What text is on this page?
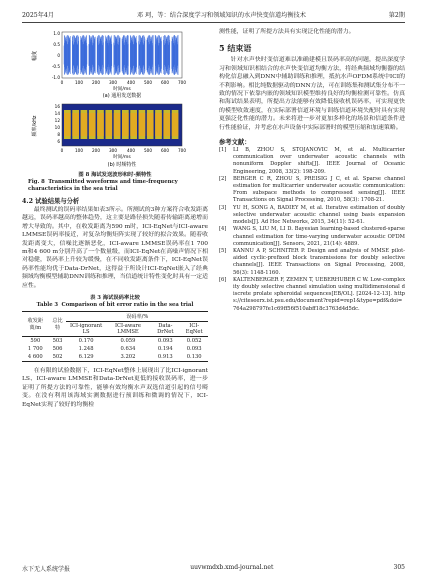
2025年4月	邓 珂，等：结合深度学习和领域知识的水声快变信道均衡技术	第2期
幅度
1.0
0.5
0
-0.5
-1.0
0	100 200 300 400 500 600 700
时间/ms
(a) 通用发送数据
频率/kHz
16
14
12
10
8
6
0	100 200 300 400 500 600 700
时间/ms
(b) 时频特性
图 8 海试发送波形和时-频特性
Fig. 8 Transmitted waveforms and time-frequency characteristics in the sea trial
4.2 试验结果与分析

最终测试的误码率结果如表3所示。所测试的3种方案符合收发距离越远，误码率越高的整体趋势，这主要是路径损失随着传输距离递增而增大导致的。其中，在收发距离为590 m时，ICI-EqNet与ICI-aware LMMSE误码率接近，对复杂均衡矩阵实现了较好的拟合效果。随着收发距离变大，信噪比逐渐恶化，ICI-aware LMMSE误码率在1 700 m和4 600 m分别升高了一个数量级，而ICI-EqNet在高噪声情况下相对稳健，误码率上升较为缓慢，在不同收发距离条件下，ICI-EqNet误码率性能均优于Data-DrNet，这得益于所设计ICI-EqNet嵌入了经典频域均衡模型辅助DNN训练和推理，当信道统计特性变化时具有一定适应性。

表 3 海试误码率比较
Table 3 Comparison of bit error ratio in the sea trial
收发距离/m	总比特	误码率/%			
		ICI-ignorant LS	ICI-aware LMMSE	Data-DrNet	ICI-EqNet
590	503	0.170	0.059	0.093	0.052
1 700	506	1.248	0.634	0.194	0.093
4 600	502	6.129	3.202	0.913	0.130

在有限的试验数据下，ICI-EqNet整体上展现出了比ICI-ignorant LS、ICI-aware LMMSE和Data-DrNet更低的接收误码率，进一步证明了所提方法的可靠性，能够有效均衡水声双选信道引起的信号畸变。在没有利用该海域实测数据进行预训练和微调的情况下，ICI-EqNet实现了较好的均衡检

测性能，证明了所提方法具有实现泛化性能的潜力。

5 结束语

针对水声快时变信道难以准确建模且误码率高的问题，提出深度学习和领域知识相结合的水声快变信道均衡方法，将经典频域均衡器的结构化信息融入到DNN中辅助训练和推理，抵抗水声OFDM系统中ICI的不利影响。相比纯数据驱动的DNN方法，可在训练集和测试集分布不一致的情况下依靠内嵌的领域知识模型维持良好的均衡检测可靠性。仿真和海试结果表明，所提出方法能够有效降低接收机误码率，可实现更快的模型收敛速度，在实际部署信道环境与训练信道环境失配时具有实现更强泛化性能的潜力。未来将进一步对更加多样化的场景和信道条件进行性能验证，并考虑在水声设备中实际部署时的模型压缩和加速策略。

参考文献：
[1]	LI B, ZHOU S, STOJANOVIC M, et al. Multicarrier communication over underwater acoustic channels with nonuniform Doppler shifts[J]. IEEE Journal of Oceanic Engineering, 2008, 33(2): 198-209.
[2]	BERGER C R, ZHOU S, PREISIG J C, et al. Sparse channel estimation for multicarrier underwater acoustic communication: From subspace methods to compressed sensing[J]. IEEE Transactions on Signal Processing, 2010, 58(3): 1708-21.
[3]	YU H, SONG A, BADIEY M, et al. Iterative estimation of doubly selective underwater acoustic channel using basis expansion models[J]. Ad Hoc Networks, 2015, 34(11): 52-61.
[4]	WANG S, LIU M, LI D. Bayesian learning-based clustered-sparse channel estimation for time-varying underwater acoustic OFDM communication[J]. Sensors, 2021, 21(14): 4889.
[5]	KANNU A P, SCHNITER P. Design and analysis of MMSE pilot-aided cyclic-prefixed block transmissions for doubly selective channels[J]. IEEE Transactions on Signal Processing, 2008, 56(3): 1148-1160.
[6]	KALTENBERGER F, ZEMEN T, UEBERHUBER C W. Low-complexity doubly selective channel simulation using multidimensional discrete prolate spheroidal sequences[EB/OL]. [2024-12-13]. https://citeseerx.ist.psu.edu/document?repid=rep1&type=pdf&doi=764a298797fe1c69ff56f510abff18c3763d4d5dc.
水下无人系统学报	uuvwmdxb.xmd-journal.net	305
